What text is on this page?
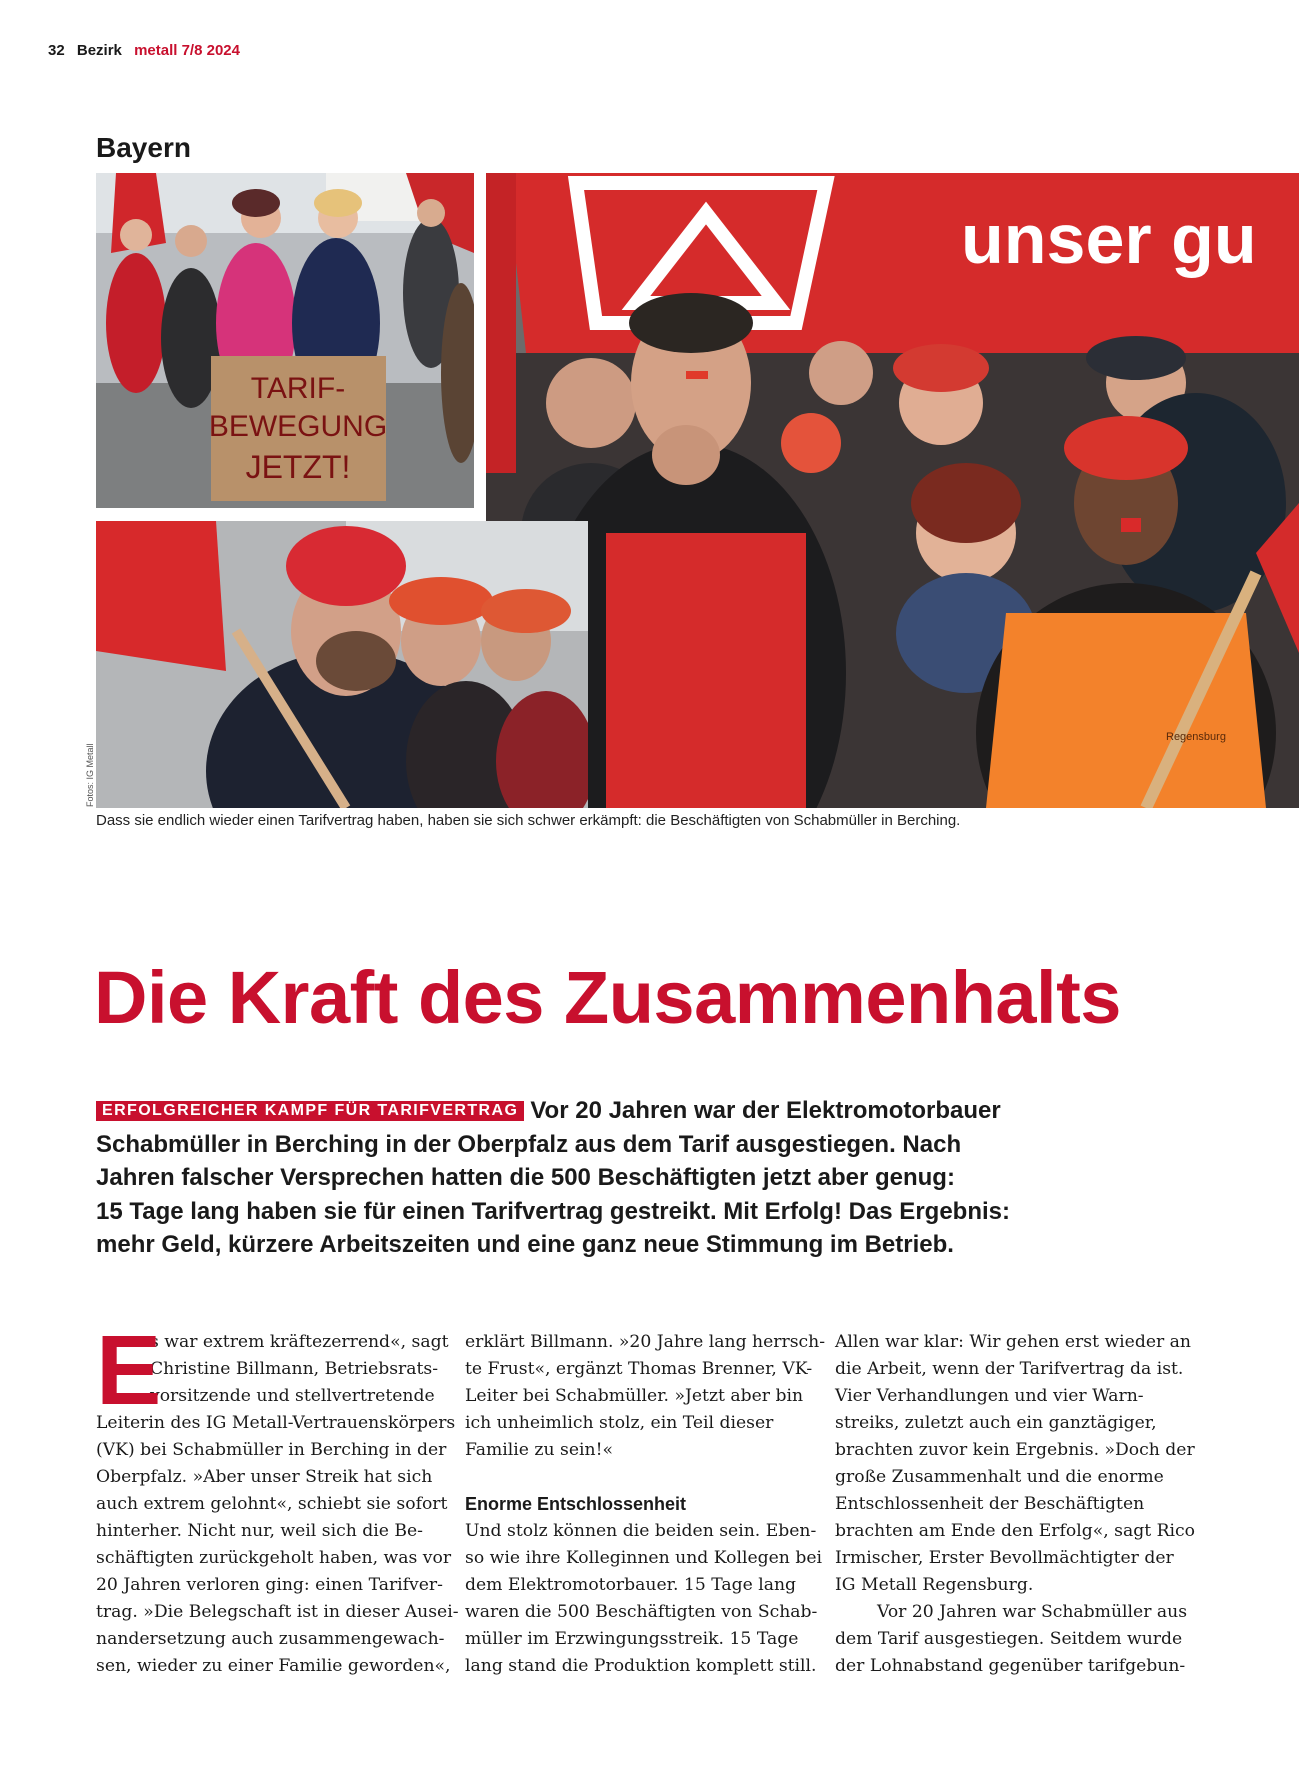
32 Bezirk metall 7/8 2024
Bayern
TARIF-
BEWEGUNG
JETZT!
unser gu
Regensburg
Fotos: IG Metall
Dass sie endlich wieder einen Tarifvertrag haben, haben sie sich schwer erkämpft: die Beschäftigten von Schabmüller in Berching.
Die Kraft des Zusammenhalts
ERFOLGREICHER KAMPF FÜR TARIFVERTRAG Vor 20 Jahren war der Elektromotorbauer
Schabmüller in Berching in der Oberpfalz aus dem Tarif ausgestiegen. Nach
Jahren falscher Versprechen hatten die 500 Beschäftigten jetzt aber genug:
15 Tage lang haben sie für einen Tarifvertrag gestreikt. Mit Erfolg! Das Ergebnis:
mehr Geld, kürzere Arbeitszeiten und eine ganz neue Stimmung im Betrieb.
E
s war extrem kräftezerrend«, sagt
Christine Billmann, Betriebsrats-
vorsitzende und stellvertretende
Leiterin des IG Metall-Vertrauenskörpers
(VK) bei Schabmüller in Berching in der
Oberpfalz. »Aber unser Streik hat sich
auch extrem gelohnt«, schiebt sie sofort
hinterher. Nicht nur, weil sich die Be-
schäftigten zurückgeholt haben, was vor
20 Jahren verloren ging: einen Tarifver-
trag. »Die Belegschaft ist in dieser Ausei-
nandersetzung auch zusammengewach-
sen, wieder zu einer Familie geworden«,
erklärt Billmann. »20 Jahre lang herrsch-
te Frust«, ergänzt Thomas Brenner, VK-
Leiter bei Schabmüller. »Jetzt aber bin
ich unheimlich stolz, ein Teil dieser
Familie zu sein!«
Enorme Entschlossenheit
Und stolz können die beiden sein. Eben-
so wie ihre Kolleginnen und Kollegen bei
dem Elektromotorbauer. 15 Tage lang
waren die 500 Beschäftigten von Schab-
müller im Erzwingungsstreik. 15 Tage
lang stand die Produktion komplett still.
Allen war klar: Wir gehen erst wieder an
die Arbeit, wenn der Tarifvertrag da ist.
Vier Verhandlungen und vier Warn-
streiks, zuletzt auch ein ganztägiger,
brachten zuvor kein Ergebnis. »Doch der
große Zusammenhalt und die enorme
Entschlossenheit der Beschäftigten
brachten am Ende den Erfolg«, sagt Rico
Irmischer, Erster Bevollmächtigter der
IG Metall Regensburg.
Vor 20 Jahren war Schabmüller aus
dem Tarif ausgestiegen. Seitdem wurde
der Lohnabstand gegenüber tarifgebun-
